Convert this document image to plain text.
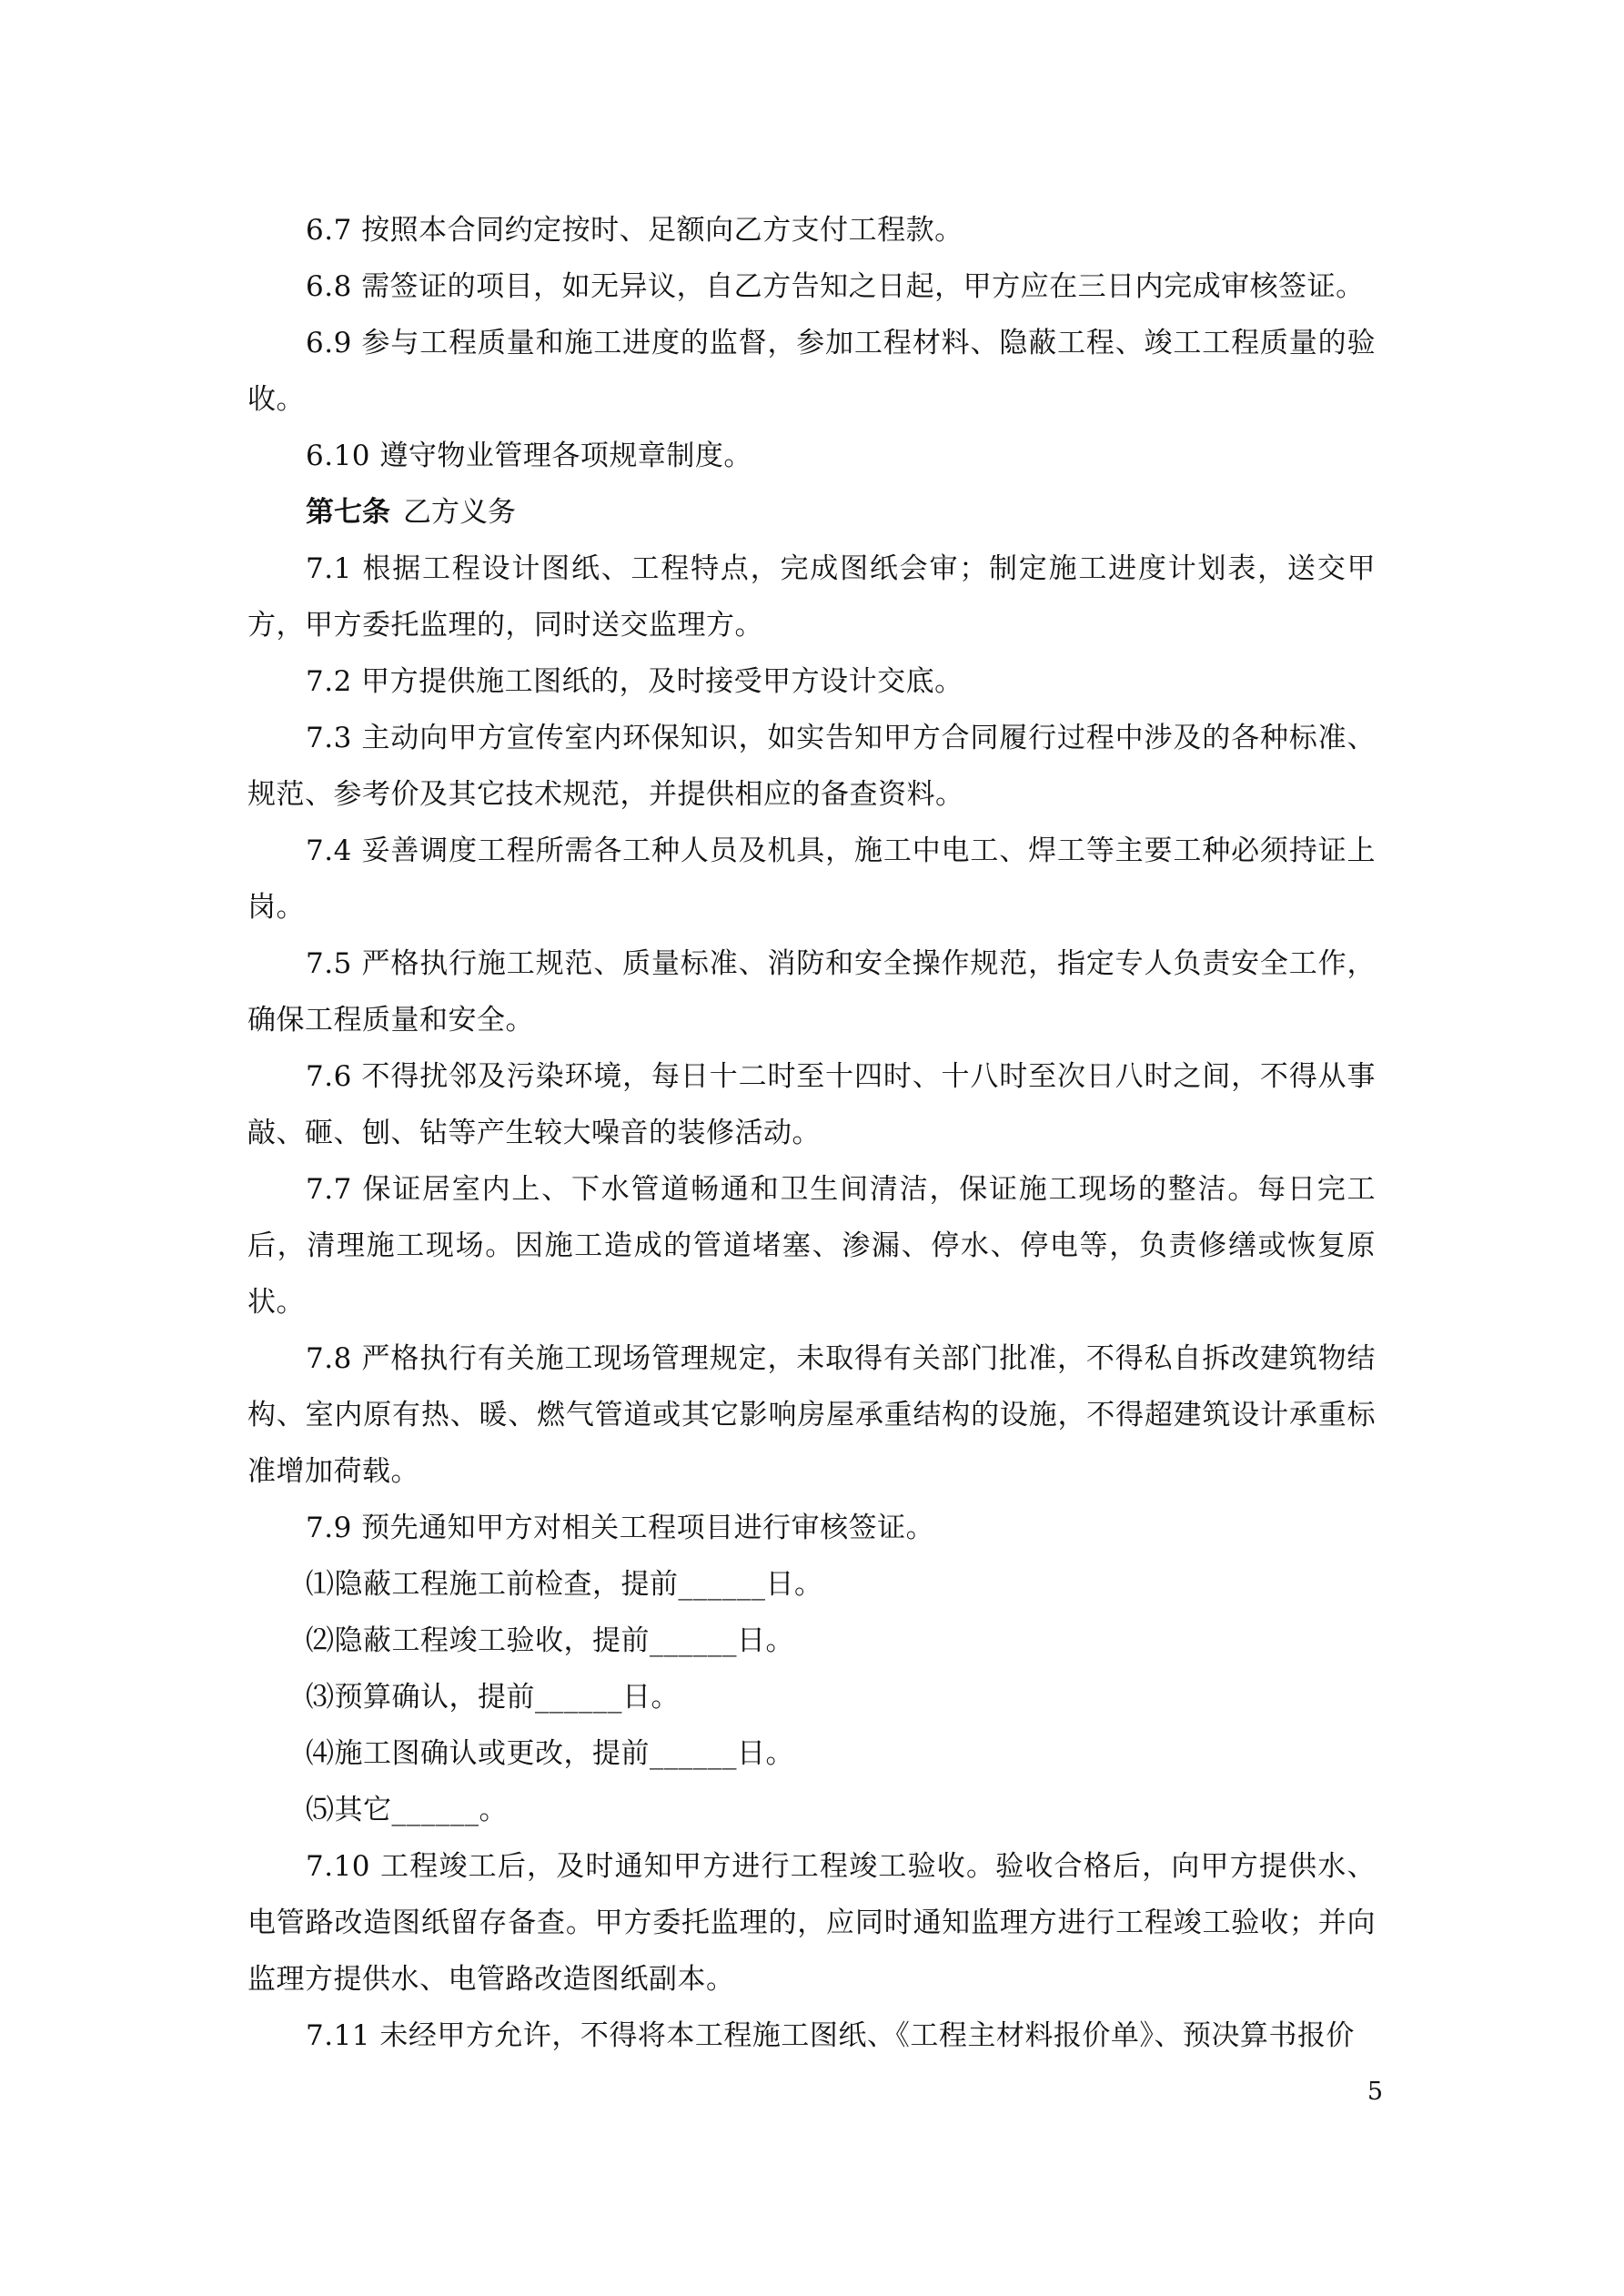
6.7 按照本合同约定按时、足额向乙方支付工程款。

6.8 需签证的项目，如无异议，自乙方告知之日起，甲方应在三日内完成审核签证。

6.9 参与工程质量和施工进度的监督，参加工程材料、隐蔽工程、竣工工程质量的验收。

6.10 遵守物业管理各项规章制度。

第七条 乙方义务

7.1 根据工程设计图纸、工程特点，完成图纸会审；制定施工进度计划表，送交甲方，甲方委托监理的，同时送交监理方。

7.2 甲方提供施工图纸的，及时接受甲方设计交底。

7.3 主动向甲方宣传室内环保知识，如实告知甲方合同履行过程中涉及的各种标准、规范、参考价及其它技术规范，并提供相应的备查资料。

7.4 妥善调度工程所需各工种人员及机具，施工中电工、焊工等主要工种必须持证上岗。

7.5 严格执行施工规范、质量标准、消防和安全操作规范，指定专人负责安全工作，确保工程质量和安全。

7.6 不得扰邻及污染环境，每日十二时至十四时、十八时至次日八时之间，不得从事敲、砸、刨、钻等产生较大噪音的装修活动。

7.7 保证居室内上、下水管道畅通和卫生间清洁，保证施工现场的整洁。每日完工后，清理施工现场。因施工造成的管道堵塞、渗漏、停水、停电等，负责修缮或恢复原状。

7.8 严格执行有关施工现场管理规定，未取得有关部门批准，不得私自拆改建筑物结构、室内原有热、暖、燃气管道或其它影响房屋承重结构的设施，不得超建筑设计承重标准增加荷载。

7.9 预先通知甲方对相关工程项目进行审核签证。

⑴隐蔽工程施工前检查，提前______日。

⑵隐蔽工程竣工验收，提前______日。

⑶预算确认，提前______日。

⑷施工图确认或更改，提前______日。

⑸其它______。

7.10 工程竣工后，及时通知甲方进行工程竣工验收。验收合格后，向甲方提供水、电管路改造图纸留存备查。甲方委托监理的，应同时通知监理方进行工程竣工验收；并向监理方提供水、电管路改造图纸副本。

7.11 未经甲方允许，不得将本工程施工图纸、《工程主材料报价单》、预决算书报价

5
